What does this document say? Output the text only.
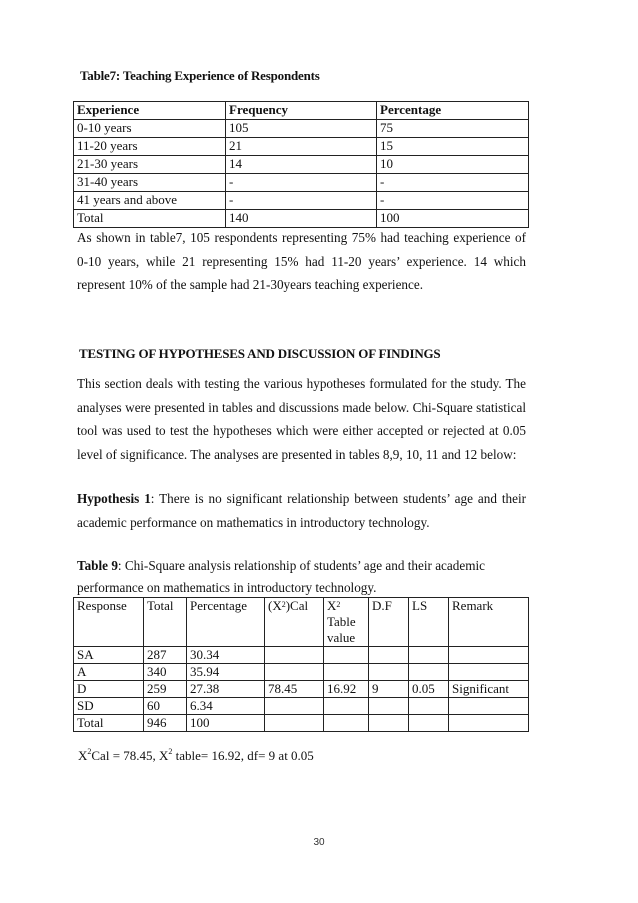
Table7: Teaching Experience of Respondents
Experience	Frequency	Percentage
0-10 years	105	75
11-20 years	21	15
21-30 years	14	10
31-40 years	-	-
41 years and above	-	-
Total	140	100

As shown in table7, 105 respondents representing 75% had teaching experience of 0-10 years, while 21 representing 15% had 11-20 years’ experience. 14 which represent 10% of the sample had 21-30years teaching experience.

TESTING OF HYPOTHESES AND DISCUSSION OF FINDINGS

This section deals with testing the various hypotheses formulated for the study. The analyses were presented in tables and discussions made below. Chi-Square statistical tool was used to test the hypotheses which were either accepted or rejected at 0.05 level of significance. The analyses are presented in tables 8,9, 10, 11 and 12 below:

Hypothesis 1: There is no significant relationship between students’ age and their academic performance on mathematics in introductory technology.

Table 9: Chi-Square analysis relationship of students’ age and their academic performance on mathematics in introductory technology.

Response	Total	Percentage	$(X^2)Cal$	$X^2$
Table
value	D.F	LS	Remark
SA	287	30.34					
A	340	35.94					
D	259	27.38	78.45	16.92	9	0.05	Significant
SD	60	6.34					
Total	946	100					
$X^2Cal = 78.45$, $X^2$ table= 16.92, df= 9 at 0.05
30
